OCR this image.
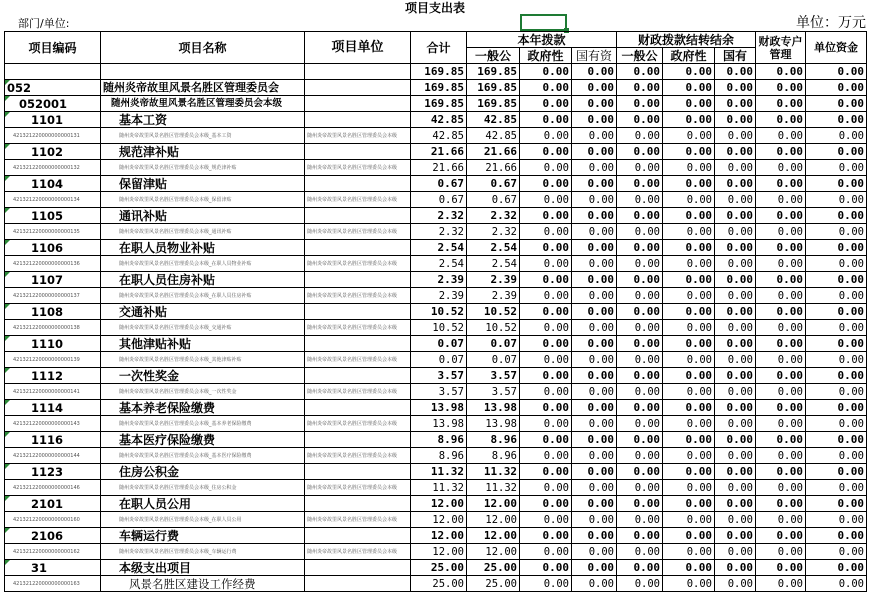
项目支出表
部门/单位:	单位：万元
项目编码	项目名称	项目单位	合计	本年拨款			财政拨款结转结余			财政专户管理	单位资金
				一般公	政府性	国有资	一般公	政府性	国有		
			169.85	169.85	0.00	0.00	0.00	0.00	0.00	0.00	0.00

052	随州炎帝故里风景名胜区管理委员会		169.85	169.85	0.00	0.00	0.00	0.00	0.00	0.00	0.00

052001	随州炎帝故里风景名胜区管理委员会本级		169.85	169.85	0.00	0.00	0.00	0.00	0.00	0.00	0.00

1101	基本工资		42.85	42.85	0.00	0.00	0.00	0.00	0.00	0.00	0.00
421321220000000000131	随州炎帝故里风景名胜区管理委员会本级_基本工资	随州炎帝故里风景名胜区管理委员会本级	42.85	42.85	0.00	0.00	0.00	0.00	0.00	0.00	0.00

1102	规范津补贴		21.66	21.66	0.00	0.00	0.00	0.00	0.00	0.00	0.00
421321220000000000132	随州炎帝故里风景名胜区管理委员会本级_规范津补贴	随州炎帝故里风景名胜区管理委员会本级	21.66	21.66	0.00	0.00	0.00	0.00	0.00	0.00	0.00

1104	保留津贴		0.67	0.67	0.00	0.00	0.00	0.00	0.00	0.00	0.00
421321220000000000134	随州炎帝故里风景名胜区管理委员会本级_保留津贴	随州炎帝故里风景名胜区管理委员会本级	0.67	0.67	0.00	0.00	0.00	0.00	0.00	0.00	0.00

1105	通讯补贴		2.32	2.32	0.00	0.00	0.00	0.00	0.00	0.00	0.00
421321220000000000135	随州炎帝故里风景名胜区管理委员会本级_通讯补贴	随州炎帝故里风景名胜区管理委员会本级	2.32	2.32	0.00	0.00	0.00	0.00	0.00	0.00	0.00

1106	在职人员物业补贴		2.54	2.54	0.00	0.00	0.00	0.00	0.00	0.00	0.00
421321220000000000136	随州炎帝故里风景名胜区管理委员会本级_在职人员物业补贴	随州炎帝故里风景名胜区管理委员会本级	2.54	2.54	0.00	0.00	0.00	0.00	0.00	0.00	0.00

1107	在职人员住房补贴		2.39	2.39	0.00	0.00	0.00	0.00	0.00	0.00	0.00
421321220000000000137	随州炎帝故里风景名胜区管理委员会本级_在职人员住房补贴	随州炎帝故里风景名胜区管理委员会本级	2.39	2.39	0.00	0.00	0.00	0.00	0.00	0.00	0.00

1108	交通补贴		10.52	10.52	0.00	0.00	0.00	0.00	0.00	0.00	0.00
421321220000000000138	随州炎帝故里风景名胜区管理委员会本级_交通补贴	随州炎帝故里风景名胜区管理委员会本级	10.52	10.52	0.00	0.00	0.00	0.00	0.00	0.00	0.00

1110	其他津贴补贴		0.07	0.07	0.00	0.00	0.00	0.00	0.00	0.00	0.00
421321220000000000139	随州炎帝故里风景名胜区管理委员会本级_其他津贴补贴	随州炎帝故里风景名胜区管理委员会本级	0.07	0.07	0.00	0.00	0.00	0.00	0.00	0.00	0.00

1112	一次性奖金		3.57	3.57	0.00	0.00	0.00	0.00	0.00	0.00	0.00
421321220000000000141	随州炎帝故里风景名胜区管理委员会本级_一次性奖金	随州炎帝故里风景名胜区管理委员会本级	3.57	3.57	0.00	0.00	0.00	0.00	0.00	0.00	0.00

1114	基本养老保险缴费		13.98	13.98	0.00	0.00	0.00	0.00	0.00	0.00	0.00
421321220000000000143	随州炎帝故里风景名胜区管理委员会本级_基本养老保险缴费	随州炎帝故里风景名胜区管理委员会本级	13.98	13.98	0.00	0.00	0.00	0.00	0.00	0.00	0.00

1116	基本医疗保险缴费		8.96	8.96	0.00	0.00	0.00	0.00	0.00	0.00	0.00
421321220000000000144	随州炎帝故里风景名胜区管理委员会本级_基本医疗保险缴费	随州炎帝故里风景名胜区管理委员会本级	8.96	8.96	0.00	0.00	0.00	0.00	0.00	0.00	0.00

1123	住房公积金		11.32	11.32	0.00	0.00	0.00	0.00	0.00	0.00	0.00
421321220000000000146	随州炎帝故里风景名胜区管理委员会本级_住房公积金	随州炎帝故里风景名胜区管理委员会本级	11.32	11.32	0.00	0.00	0.00	0.00	0.00	0.00	0.00

2101	在职人员公用		12.00	12.00	0.00	0.00	0.00	0.00	0.00	0.00	0.00
421321220000000000160	随州炎帝故里风景名胜区管理委员会本级_在职人员公用	随州炎帝故里风景名胜区管理委员会本级	12.00	12.00	0.00	0.00	0.00	0.00	0.00	0.00	0.00

2106	车辆运行费		12.00	12.00	0.00	0.00	0.00	0.00	0.00	0.00	0.00
421321220000000000162	随州炎帝故里风景名胜区管理委员会本级_车辆运行费	随州炎帝故里风景名胜区管理委员会本级	12.00	12.00	0.00	0.00	0.00	0.00	0.00	0.00	0.00

31	本级支出项目		25.00	25.00	0.00	0.00	0.00	0.00	0.00	0.00	0.00
421321220000000000163	风景名胜区建设工作经费		25.00	25.00	0.00	0.00	0.00	0.00	0.00	0.00	0.00
